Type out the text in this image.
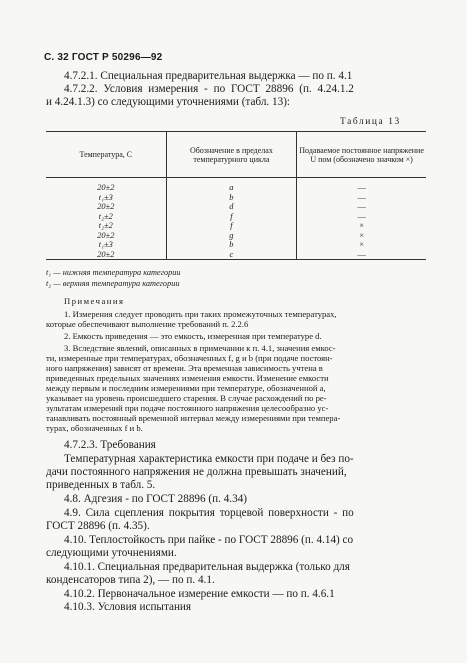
С. 32 ГОСТ Р 50296—92
4.7.2.1. Специальная предварительная выдержка — по п. 4.1
4.7.2.2. Условия измерения - по ГОСТ 28896 (п. 4.24.1.2
и 4.24.1.3) со следующими уточнениями (табл. 13):
Таблица 13
Температура, C	Обозначение в пределах температурного цикла	Подаваемое постоянное напряжение U пом (обозначено значком ×)
20±2	a	—
t₁±3	b	—
20±2	d	—
t₂±2	f	—
t₂±2	f	×
20±2	g	×
t₁±3	b	×
20±2	c	—
t₁ — нижняя температура категории
t₂ — верхняя температура категории
Примечания
1. Измерения следует проводить при таких промежуточных температурах,
которые обеспечивают выполнение требований п. 2.2.6
2. Емкость приведения — это емкость, измеренная при температуре d.
3. Вследствие явлений, описанных в примечании к п. 4.1, значения емкос-
ти, измеренные при температурах, обозначенных f, g и b (при подаче постоян-
ного напряжения) зависят от времени. Эта временная зависимость учтена в
приведенных предельных значениях изменения емкости. Изменение емкости
между первым и последним измерениями при температуре, обозначенной a,
указывает на уровень происшедшего старения. В случае расхождений по ре-
зультатам измерений при подаче постоянного напряжения целесообразно ус-
танавливать постоянный временной интервал между измерениями при темпера-
турах, обозначенных f и b.
4.7.2.3. Требования
Температурная характеристика емкости при подаче и без по-
дачи постоянного напряжения не должна превышать значений,
приведенных в табл. 5.
4.8. Адгезия - по ГОСТ 28896 (п. 4.34)
4.9. Сила сцепления покрытия торцевой поверхности - по
ГОСТ 28896 (п. 4.35).
4.10. Теплостойкость при пайке - по ГОСТ 28896 (п. 4.14) со
следующими уточнениями.
4.10.1. Специальная предварительная выдержка (только для
конденсаторов типа 2), — по п. 4.1.
4.10.2. Первоначальное измерение емкости — по п. 4.6.1
4.10.3. Условия испытания
